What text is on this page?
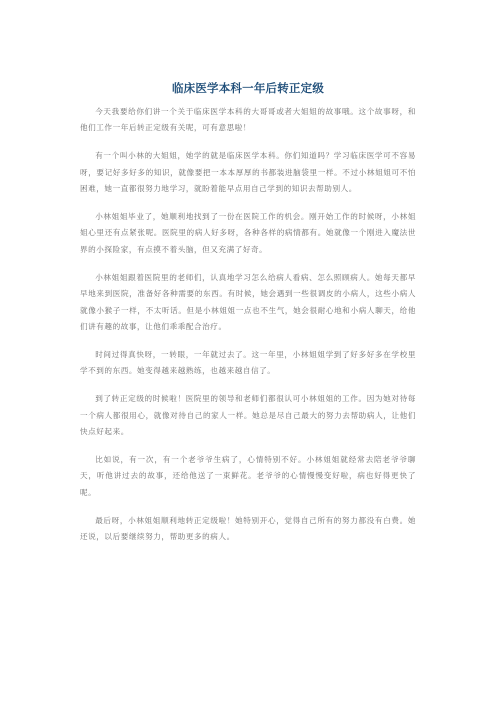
临床医学本科一年后转正定级

今天我要给你们讲一个关于临床医学本科的大哥哥或者大姐姐的故事哦。这个故事呀，和他们工作一年后转正定级有关呢，可有意思啦！

有一个叫小林的大姐姐，她学的就是临床医学本科。你们知道吗？学习临床医学可不容易呀，要记好多好多的知识，就像要把一本本厚厚的书都装进脑袋里一样。不过小林姐姐可不怕困难，她一直都很努力地学习，就盼着能早点用自己学到的知识去帮助别人。

小林姐姐毕业了，她顺利地找到了一份在医院工作的机会。刚开始工作的时候呀，小林姐姐心里还有点紧张呢。医院里的病人好多呀，各种各样的病情都有。她就像一个刚进入魔法世界的小探险家，有点摸不着头脑，但又充满了好奇。

小林姐姐跟着医院里的老师们，认真地学习怎么给病人看病、怎么照顾病人。她每天都早早地来到医院，准备好各种需要的东西。有时候，她会遇到一些很调皮的小病人，这些小病人就像小猴子一样，不太听话。但是小林姐姐一点也不生气，她会很耐心地和小病人聊天，给他们讲有趣的故事，让他们乖乖配合治疗。

时间过得真快呀，一转眼，一年就过去了。这一年里，小林姐姐学到了好多好多在学校里学不到的东西。她变得越来越熟练，也越来越自信了。

到了转正定级的时候啦！医院里的领导和老师们都很认可小林姐姐的工作。因为她对待每一个病人都很用心，就像对待自己的家人一样。她总是尽自己最大的努力去帮助病人，让他们快点好起来。

比如说，有一次，有一个老爷爷生病了，心情特别不好。小林姐姐就经常去陪老爷爷聊天，听他讲过去的故事，还给他送了一束鲜花。老爷爷的心情慢慢变好啦，病也好得更快了呢。

最后呀，小林姐姐顺利地转正定级啦！她特别开心，觉得自己所有的努力都没有白费。她还说，以后要继续努力，帮助更多的病人。
